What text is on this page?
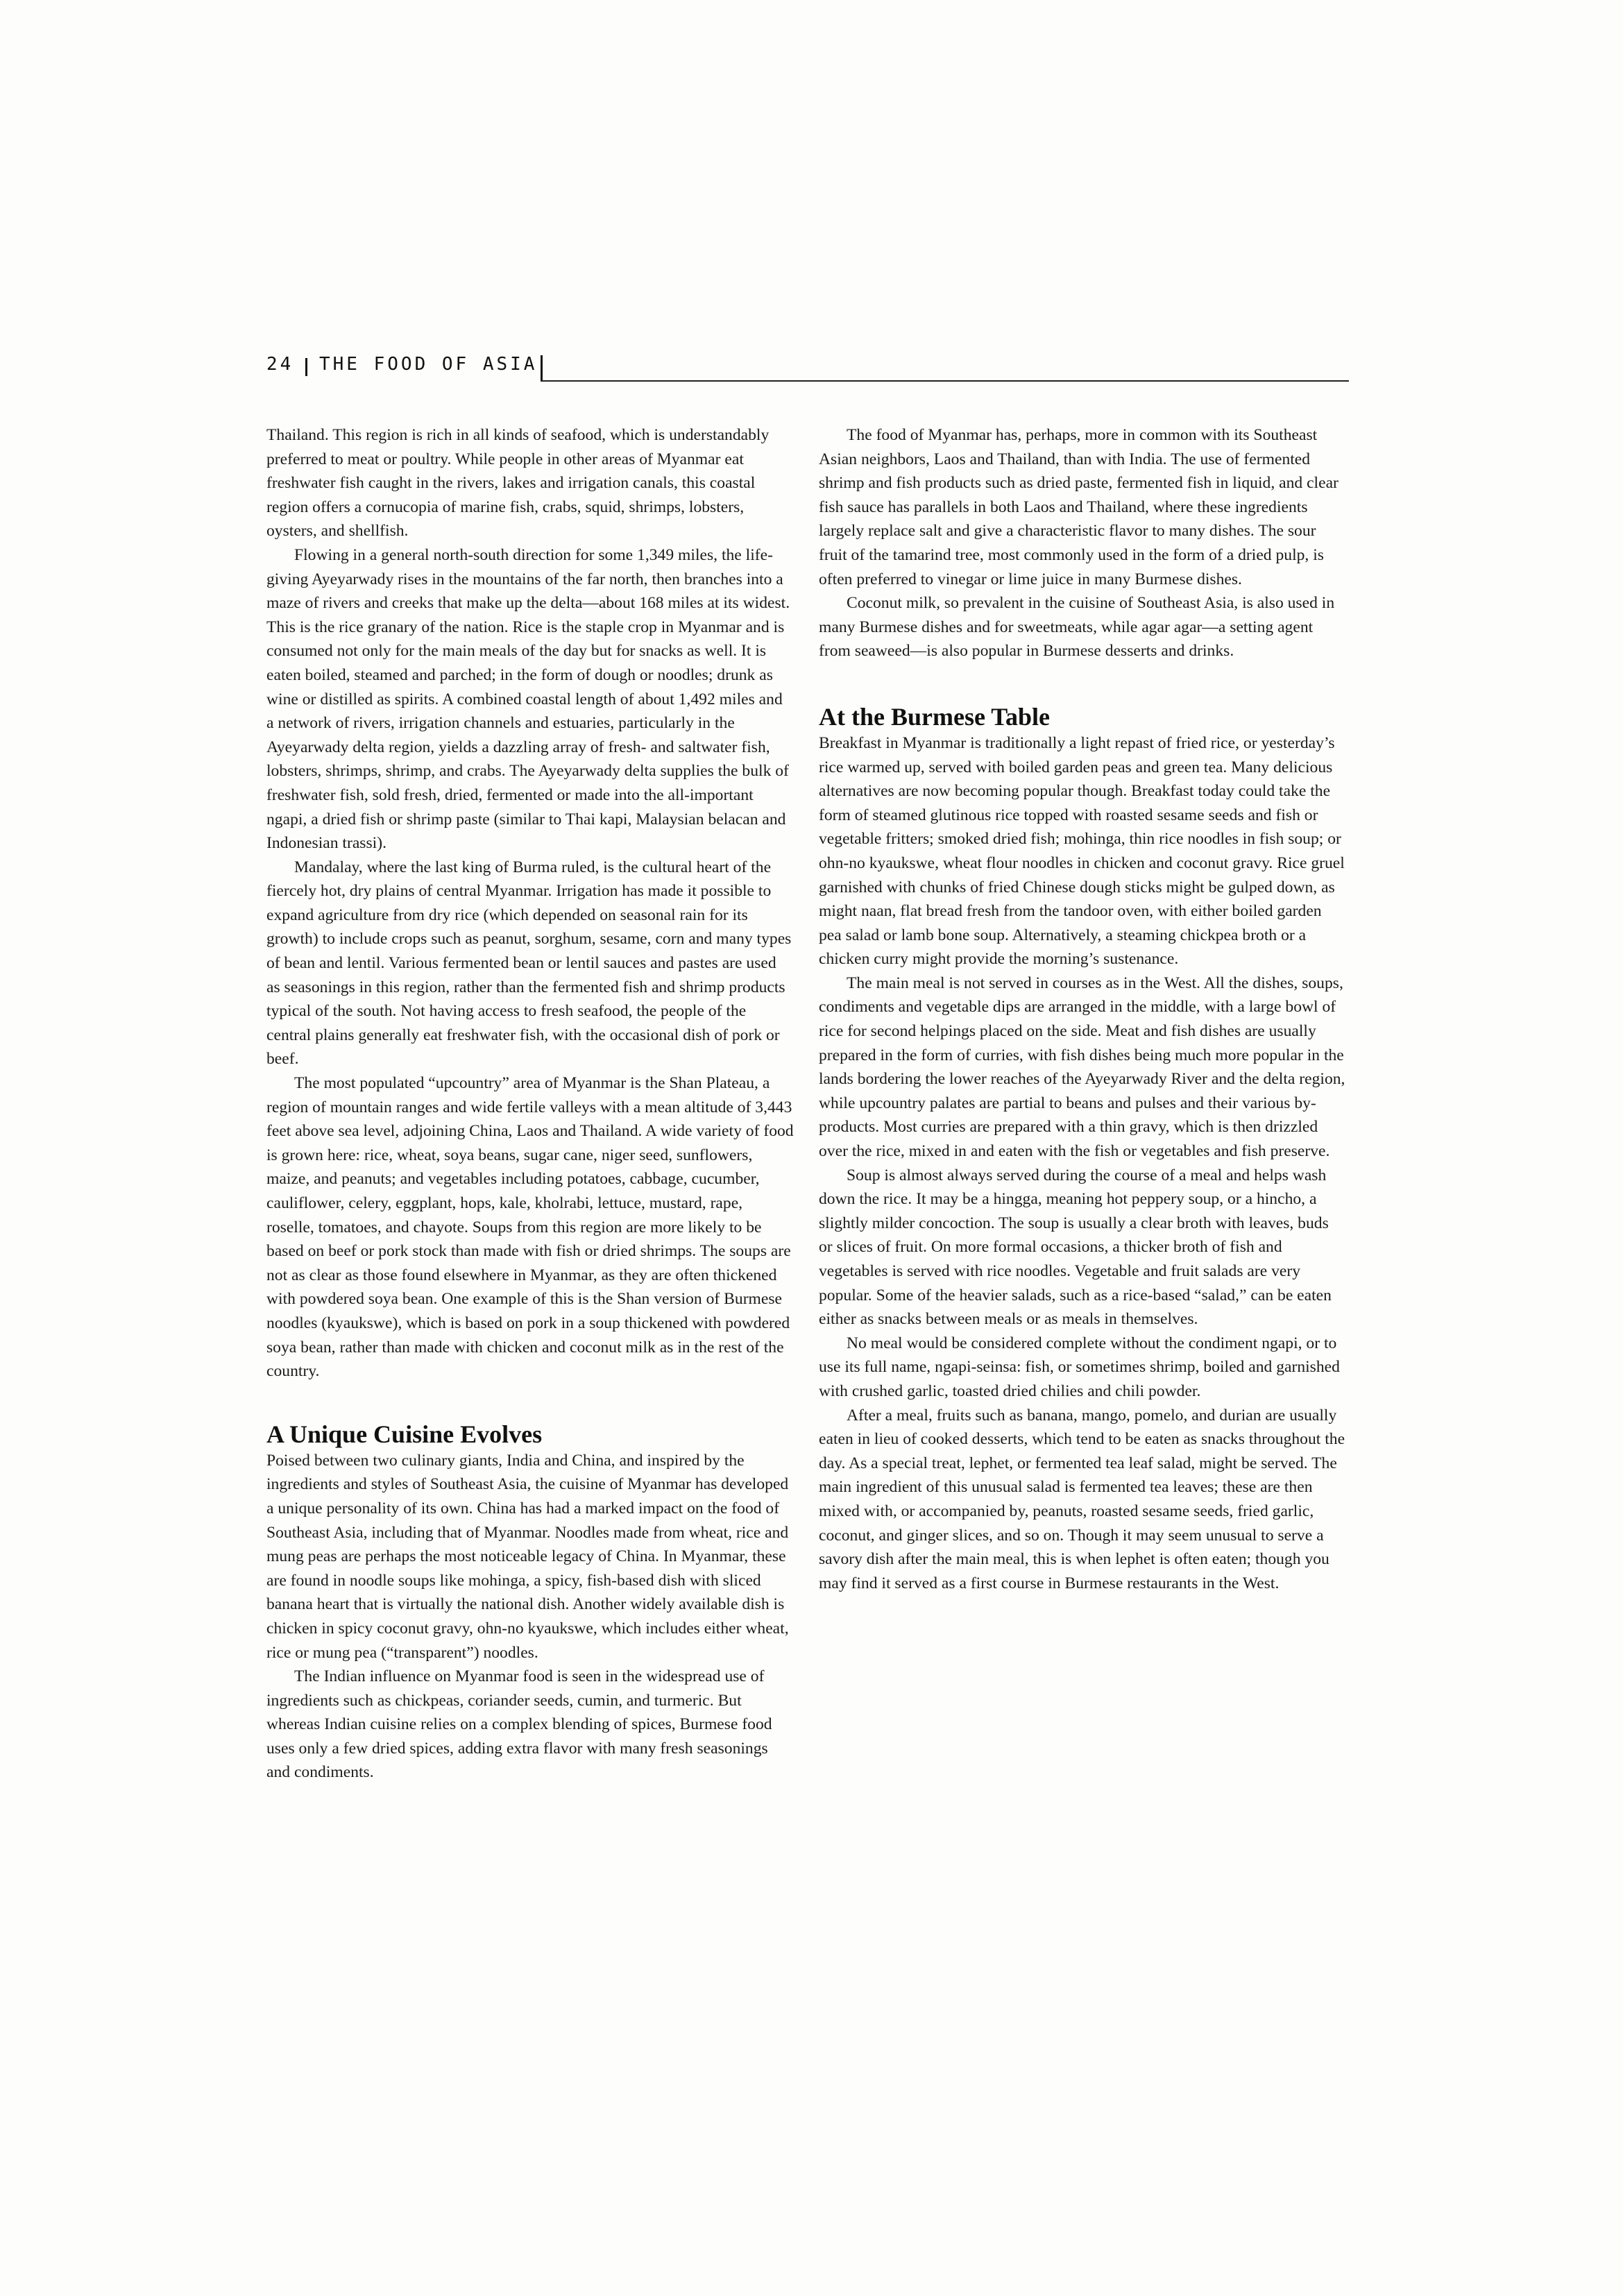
24 THE FOOD OF ASIA

Thailand. This region is rich in all kinds of seafood, which is understandably preferred to meat or poultry. While people in other areas of Myanmar eat freshwater fish caught in the rivers, lakes and irrigation canals, this coastal region offers a cornucopia of marine fish, crabs, squid, shrimps, lobsters, oysters, and shellfish.

Flowing in a general north-south direction for some 1,349 miles, the life-giving Ayeyarwady rises in the mountains of the far north, then branches into a maze of rivers and creeks that make up the delta—about 168 miles at its widest. This is the rice granary of the nation. Rice is the staple crop in Myanmar and is consumed not only for the main meals of the day but for snacks as well. It is eaten boiled, steamed and parched; in the form of dough or noodles; drunk as wine or distilled as spirits. A combined coastal length of about 1,492 miles and a network of rivers, irrigation channels and estuaries, particularly in the Ayeyarwady delta region, yields a dazzling array of fresh- and saltwater fish, lobsters, shrimps, shrimp, and crabs. The Ayeyarwady delta supplies the bulk of freshwater fish, sold fresh, dried, fermented or made into the all-important ngapi, a dried fish or shrimp paste (similar to Thai kapi, Malaysian belacan and Indonesian trassi).

Mandalay, where the last king of Burma ruled, is the cultural heart of the fiercely hot, dry plains of central Myanmar. Irrigation has made it possible to expand agriculture from dry rice (which depended on seasonal rain for its growth) to include crops such as peanut, sorghum, sesame, corn and many types of bean and lentil. Various fermented bean or lentil sauces and pastes are used as seasonings in this region, rather than the fermented fish and shrimp products typical of the south. Not having access to fresh seafood, the people of the central plains generally eat freshwater fish, with the occasional dish of pork or beef.

The most populated “upcountry” area of Myanmar is the Shan Plateau, a region of mountain ranges and wide fertile valleys with a mean altitude of 3,443 feet above sea level, adjoining China, Laos and Thailand. A wide variety of food is grown here: rice, wheat, soya beans, sugar cane, niger seed, sunflowers, maize, and peanuts; and vegetables including potatoes, cabbage, cucumber, cauliflower, celery, eggplant, hops, kale, kholrabi, lettuce, mustard, rape, roselle, tomatoes, and chayote. Soups from this region are more likely to be based on beef or pork stock than made with fish or dried shrimps. The soups are not as clear as those found elsewhere in Myanmar, as they are often thickened with powdered soya bean. One example of this is the Shan version of Burmese noodles (kyaukswe), which is based on pork in a soup thickened with powdered soya bean, rather than made with chicken and coconut milk as in the rest of the country.

A Unique Cuisine Evolves

Poised between two culinary giants, India and China, and inspired by the ingredients and styles of Southeast Asia, the cuisine of Myanmar has developed a unique personality of its own. China has had a marked impact on the food of Southeast Asia, including that of Myanmar. Noodles made from wheat, rice and mung peas are perhaps the most noticeable legacy of China. In Myanmar, these are found in noodle soups like mohinga, a spicy, fish-based dish with sliced banana heart that is virtually the national dish. Another widely available dish is chicken in spicy coconut gravy, ohn-no kyaukswe, which includes either wheat, rice or mung pea (“transparent”) noodles.

The Indian influence on Myanmar food is seen in the widespread use of ingredients such as chickpeas, coriander seeds, cumin, and turmeric. But whereas Indian cuisine relies on a complex blending of spices, Burmese food uses only a few dried spices, adding extra flavor with many fresh seasonings and condiments.

The food of Myanmar has, perhaps, more in common with its Southeast Asian neighbors, Laos and Thailand, than with India. The use of fermented shrimp and fish products such as dried paste, fermented fish in liquid, and clear fish sauce has parallels in both Laos and Thailand, where these ingredients largely replace salt and give a characteristic flavor to many dishes. The sour fruit of the tamarind tree, most commonly used in the form of a dried pulp, is often preferred to vinegar or lime juice in many Burmese dishes.

Coconut milk, so prevalent in the cuisine of Southeast Asia, is also used in many Burmese dishes and for sweetmeats, while agar agar—a setting agent from seaweed—is also popular in Burmese desserts and drinks.

At the Burmese Table

Breakfast in Myanmar is traditionally a light repast of fried rice, or yesterday’s rice warmed up, served with boiled garden peas and green tea. Many delicious alternatives are now becoming popular though. Breakfast today could take the form of steamed glutinous rice topped with roasted sesame seeds and fish or vegetable fritters; smoked dried fish; mohinga, thin rice noodles in fish soup; or ohn-no kyaukswe, wheat flour noodles in chicken and coconut gravy. Rice gruel garnished with chunks of fried Chinese dough sticks might be gulped down, as might naan, flat bread fresh from the tandoor oven, with either boiled garden pea salad or lamb bone soup. Alternatively, a steaming chickpea broth or a chicken curry might provide the morning’s sustenance.

The main meal is not served in courses as in the West. All the dishes, soups, condiments and vegetable dips are arranged in the middle, with a large bowl of rice for second helpings placed on the side. Meat and fish dishes are usually prepared in the form of curries, with fish dishes being much more popular in the lands bordering the lower reaches of the Ayeyarwady River and the delta region, while upcountry palates are partial to beans and pulses and their various by-products. Most curries are prepared with a thin gravy, which is then drizzled over the rice, mixed in and eaten with the fish or vegetables and fish preserve.

Soup is almost always served during the course of a meal and helps wash down the rice. It may be a hingga, meaning hot peppery soup, or a hincho, a slightly milder concoction. The soup is usually a clear broth with leaves, buds or slices of fruit. On more formal occasions, a thicker broth of fish and vegetables is served with rice noodles. Vegetable and fruit salads are very popular. Some of the heavier salads, such as a rice-based “salad,” can be eaten either as snacks between meals or as meals in themselves.

No meal would be considered complete without the condiment ngapi, or to use its full name, ngapi-seinsa: fish, or sometimes shrimp, boiled and garnished with crushed garlic, toasted dried chilies and chili powder.

After a meal, fruits such as banana, mango, pomelo, and durian are usually eaten in lieu of cooked desserts, which tend to be eaten as snacks throughout the day. As a special treat, lephet, or fermented tea leaf salad, might be served. The main ingredient of this unusual salad is fermented tea leaves; these are then mixed with, or accompanied by, peanuts, roasted sesame seeds, fried garlic, coconut, and ginger slices, and so on. Though it may seem unusual to serve a savory dish after the main meal, this is when lephet is often eaten; though you may find it served as a first course in Burmese restaurants in the West.
